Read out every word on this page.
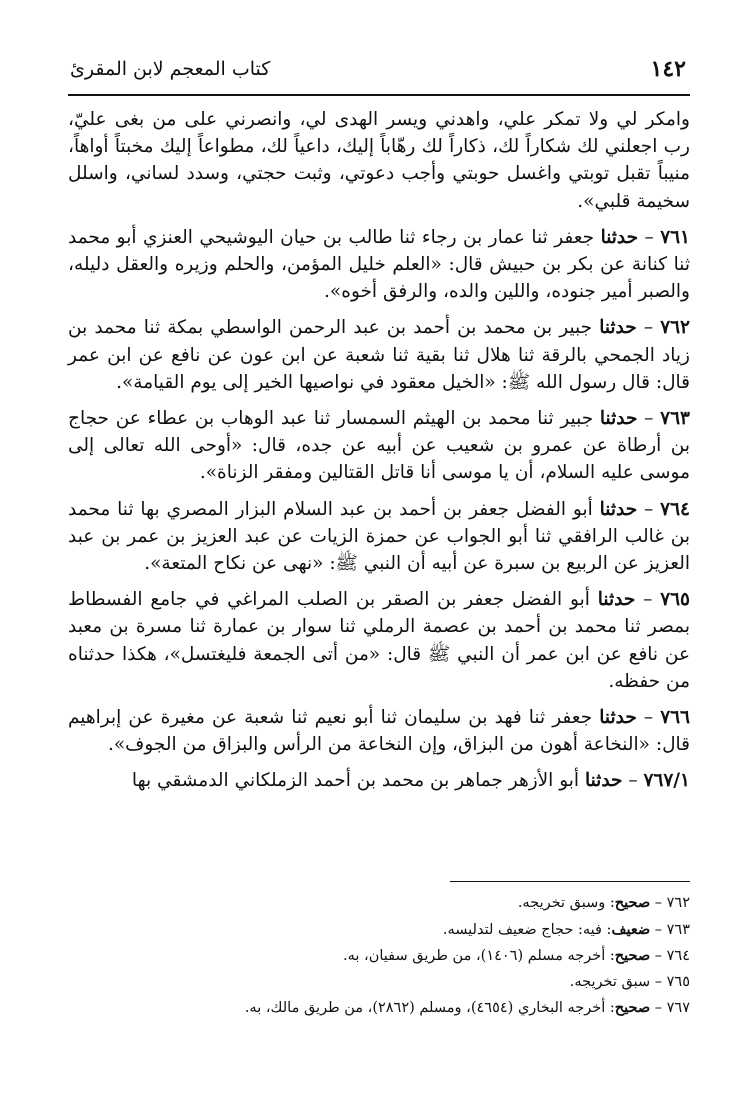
١٤٢
كتاب المعجم لابن المقرئ

وامكر لي ولا تمكر علي، واهدني ويسر الهدى لي، وانصرني على من بغى عليّ، رب اجعلني لك شكاراً لك، ذكاراً لك رهّاباً إليك، داعياً لك، مطواعاً إليك مخبتاً أواهاً، منيباً تقبل توبتي واغسل حوبتي وأجب دعوتي، وثبت حجتي، وسدد لساني، واسلل سخيمة قلبي».

٧٦١ – حدثنا جعفر ثنا عمار بن رجاء ثنا طالب بن حيان اليوشيحي العنزي أبو محمد ثنا كنانة عن بكر بن حبيش قال: «العلم خليل المؤمن، والحلم وزيره والعقل دليله، والصبر أمير جنوده، واللين والده، والرفق أخوه».

٧٦٢ – حدثنا جبير بن محمد بن أحمد بن عبد الرحمن الواسطي بمكة ثنا محمد بن زياد الجمحي بالرقة ثنا هلال ثنا بقية ثنا شعبة عن ابن عون عن نافع عن ابن عمر قال: قال رسول الله ﷺ: «الخيل معقود في نواصيها الخير إلى يوم القيامة».

٧٦٣ – حدثنا جبير ثنا محمد بن الهيثم السمسار ثنا عبد الوهاب بن عطاء عن حجاج بن أرطاة عن عمرو بن شعيب عن أبيه عن جده، قال: «أوحى الله تعالى إلى موسى عليه السلام، أن يا موسى أنا قاتل القتالين ومفقر الزناة».

٧٦٤ – حدثنا أبو الفضل جعفر بن أحمد بن عبد السلام البزار المصري بها ثنا محمد بن غالب الرافقي ثنا أبو الجواب عن حمزة الزيات عن عبد العزيز بن عمر بن عبد العزيز عن الربيع بن سبرة عن أبيه أن النبي ﷺ: «نهى عن نكاح المتعة».

٧٦٥ – حدثنا أبو الفضل جعفر بن الصقر بن الصلب المراغي في جامع الفسطاط بمصر ثنا محمد بن أحمد بن عصمة الرملي ثنا سوار بن عمارة ثنا مسرة بن معبد عن نافع عن ابن عمر أن النبي ﷺ قال: «من أتى الجمعة فليغتسل»، هكذا حدثناه من حفظه.

٧٦٦ – حدثنا جعفر ثنا فهد بن سليمان ثنا أبو نعيم ثنا شعبة عن مغيرة عن إبراهيم قال: «النخاعة أهون من البزاق، وإن النخاعة من الرأس والبزاق من الجوف».

٧٦٧/١ – حدثنا أبو الأزهر جماهر بن محمد بن أحمد الزملكاني الدمشقي بها

٧٦٢ – صحيح: وسبق تخريجه.

٧٦٣ – ضعيف: فيه: حجاج ضعيف لتدليسه.

٧٦٤ – صحيح: أخرجه مسلم (١٤٠٦)، من طريق سفيان، به.

٧٦٥ – سبق تخريجه.

٧٦٧ – صحيح: أخرجه البخاري (٤٦٥٤)، ومسلم (٢٨٦٢)، من طريق مالك، به.
